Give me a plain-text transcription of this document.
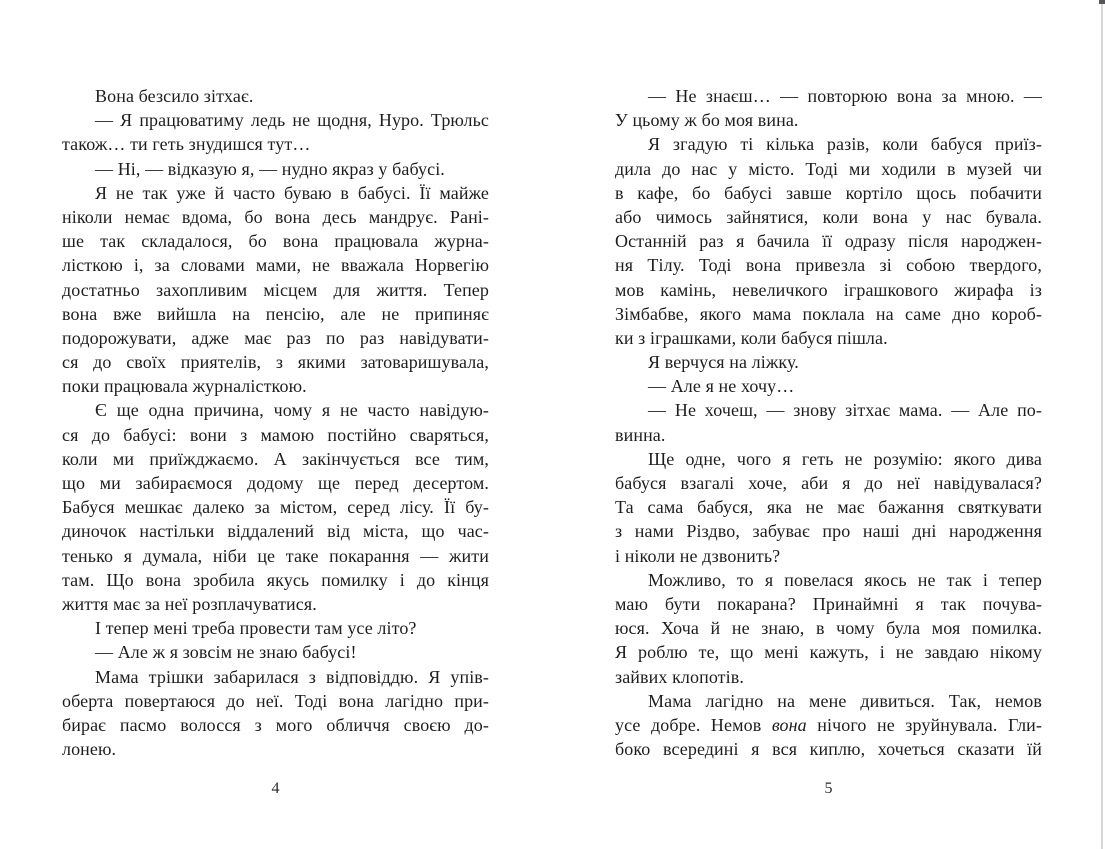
Вона безсило зітхає.
— Я працюватиму ледь не щодня, Нуро. Трюльс
також… ти геть знудишся тут…
— Ні, — відказую я, — нудно якраз у бабусі.
Я не так уже й часто буваю в бабусі. Її майже
ніколи немає вдома, бо вона десь мандрує. Рані-
ше так складалося, бо вона працювала журна-
лісткою і, за словами мами, не вважала Норвегію
достатньо захопливим місцем для життя. Тепер
вона вже вийшла на пенсію, але не припиняє
подорожувати, адже має раз по раз навідувати-
ся до своїх приятелів, з якими затоваришувала,
поки працювала журналісткою.
Є ще одна причина, чому я не часто навідую-
ся до бабусі: вони з мамою постійно сваряться,
коли ми приїжджаємо. А закінчується все тим,
що ми забираємося додому ще перед десертом.
Бабуся мешкає далеко за містом, серед лісу. Її бу-
диночок настільки віддалений від міста, що час-
тенько я думала, ніби це таке покарання — жити
там. Що вона зробила якусь помилку і до кінця
життя має за неї розплачуватися.
І тепер мені треба провести там усе літо?
— Але ж я зовсім не знаю бабусі!
Мама трішки забарилася з відповіддю. Я упів-
оберта повертаюся до неї. Тоді вона лагідно при-
бирає пасмо волосся з мого обличчя своєю до-
лонею.
— Не знаєш… — повторюю вона за мною. —
У цьому ж бо моя вина.
Я згадую ті кілька разів, коли бабуся приїз-
дила до нас у місто. Тоді ми ходили в музей чи
в кафе, бо бабусі завше кортіло щось побачити
або чимось зайнятися, коли вона у нас бувала.
Останній раз я бачила її одразу після народжен-
ня Тілу. Тоді вона привезла зі собою твердого,
мов камінь, невеличкого іграшкового жирафа із
Зімбабве, якого мама поклала на саме дно короб-
ки з іграшками, коли бабуся пішла.
Я верчуся на ліжку.
— Але я не хочу…
— Не хочеш, — знову зітхає мама. — Але по-
винна.
Ще одне, чого я геть не розумію: якого дива
бабуся взагалі хоче, аби я до неї навідувалася?
Та сама бабуся, яка не має бажання святкувати
з нами Різдво, забуває про наші дні народження
і ніколи не дзвонить?
Можливо, то я повелася якось не так і тепер
маю бути покарана? Принаймні я так почува-
юся. Хоча й не знаю, в чому була моя помилка.
Я роблю те, що мені кажуть, і не завдаю нікому
зайвих клопотів.
Мама лагідно на мене дивиться. Так, немов
усе добре. Немов вона нічого не зруйнувала. Гли-
боко всередині я вся киплю, хочеться сказати їй
4	5
